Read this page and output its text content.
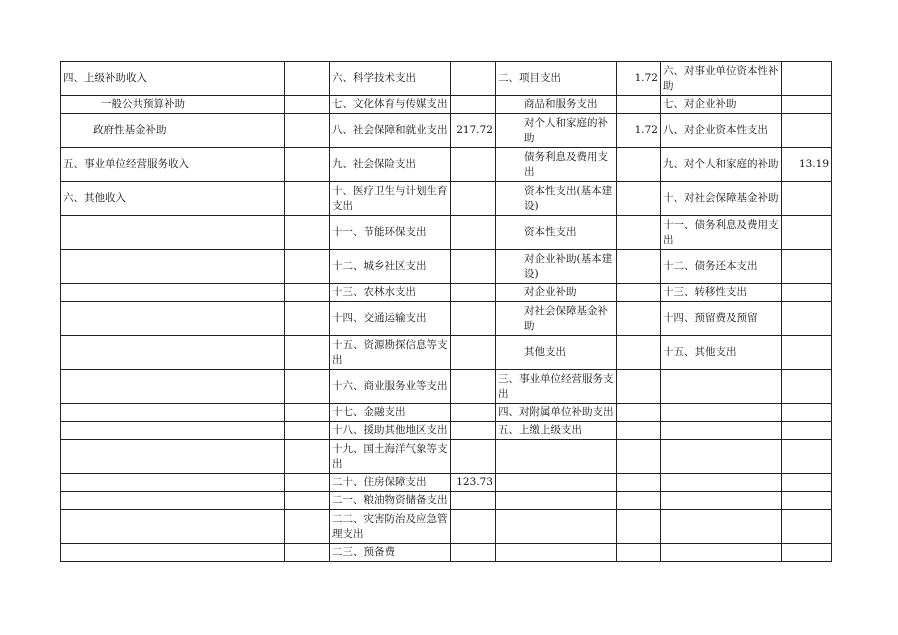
四、上级补助收入		六、科学技术支出		二、项目支出	1.72	六、对事业单位资本性补助	
一般公共预算补助		七、文化体育与传媒支出		商品和服务支出		七、对企业补助	
政府性基金补助		八、社会保障和就业支出	217.72	对个人和家庭的补助	1.72	八、对企业资本性支出	
五、事业单位经营服务收入		九、社会保险支出		债务利息及费用支出		九、对个人和家庭的补助	13.19
六、其他收入		十、医疗卫生与计划生育支出		资本性支出(基本建设)		十、对社会保障基金补助	
		十一、节能环保支出		资本性支出		十一、债务利息及费用支出	
		十二、城乡社区支出		对企业补助(基本建设)		十二、债务还本支出	
		十三、农林水支出		对企业补助		十三、转移性支出	
		十四、交通运输支出		对社会保障基金补助		十四、预留费及预留	
		十五、资源勘探信息等支出		其他支出		十五、其他支出	
		十六、商业服务业等支出		三、事业单位经营服务支出			
		十七、金融支出		四、对附属单位补助支出			
		十八、援助其他地区支出		五、上缴上级支出			
		十九、国土海洋气象等支出					
		二十、住房保障支出	123.73				
		二一、粮油物资储备支出					
		二二、灾害防治及应急管理支出					
		二三、预备费					
